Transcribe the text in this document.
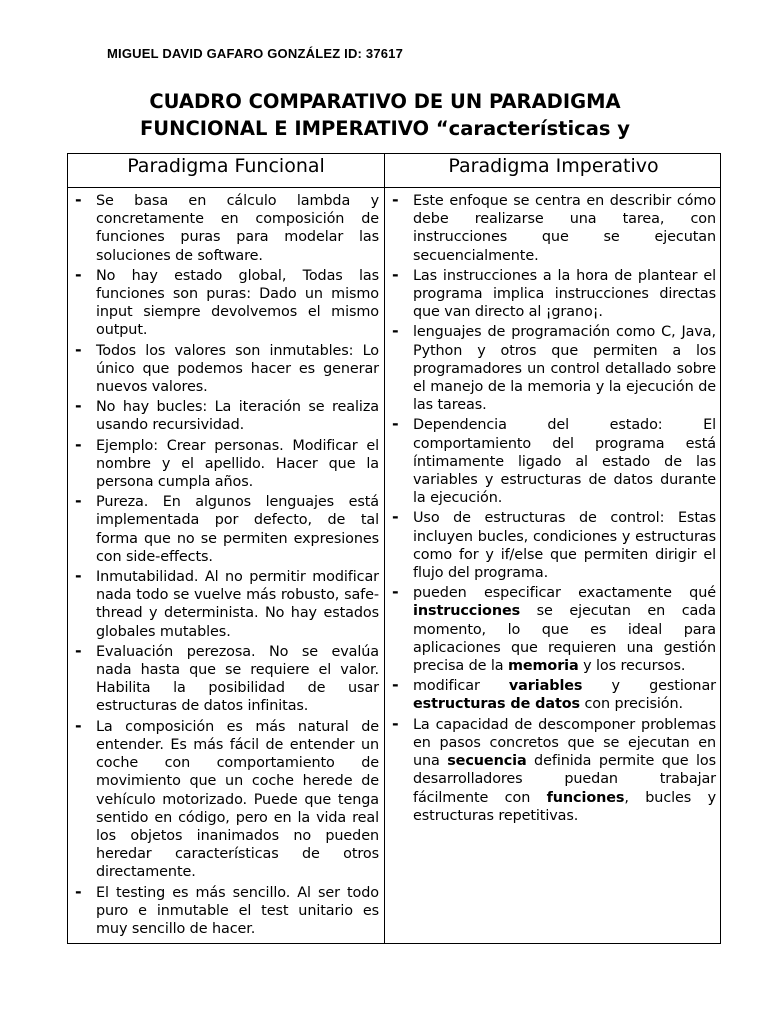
MIGUEL DAVID GAFARO GONZÁLEZ ID: 37617
CUADRO COMPARATIVO DE UN PARADIGMA
FUNCIONAL E IMPERATIVO “características y
Paradigma Funcional	Paradigma Imperativo
- Se basa en cálculo lambda y concretamente en composición de funciones puras para modelar las soluciones de software.
- No hay estado global, Todas las funciones son puras: Dado un mismo input siempre devolvemos el mismo output.
- Todos los valores son inmutables: Lo único que podemos hacer es generar nuevos valores.
- No hay bucles: La iteración se realiza usando recursividad.
- Ejemplo: Crear personas. Modificar el nombre y el apellido. Hacer que la persona cumpla años.
- Pureza. En algunos lenguajes está implementada por defecto, de tal forma que no se permiten expresiones con side-effects.
- Inmutabilidad. Al no permitir modificar nada todo se vuelve más robusto, safe-thread y determinista. No hay estados globales mutables.
- Evaluación perezosa. No se evalúa nada hasta que se requiere el valor. Habilita la posibilidad de usar estructuras de datos infinitas.
- La composición es más natural de entender. Es más fácil de entender un coche con comportamiento de movimiento que un coche herede de vehículo motorizado. Puede que tenga sentido en código, pero en la vida real los objetos inanimados no pueden heredar características de otros directamente.
- El testing es más sencillo. Al ser todo puro e inmutable el test unitario es muy sencillo de hacer.
- Este enfoque se centra en describir cómo debe realizarse una tarea, con instrucciones que se ejecutan secuencialmente.
- Las instrucciones a la hora de plantear el programa implica instrucciones directas que van directo al ¡grano¡.
- lenguajes de programación como C, Java, Python y otros que permiten a los programadores un control detallado sobre el manejo de la memoria y la ejecución de las tareas.
- Dependencia del estado: El comportamiento del programa está íntimamente ligado al estado de las variables y estructuras de datos durante la ejecución.
- Uso de estructuras de control: Estas incluyen bucles, condiciones y estructuras como for y if/else que permiten dirigir el flujo del programa.
- pueden especificar exactamente qué instrucciones se ejecutan en cada momento, lo que es ideal para aplicaciones que requieren una gestión precisa de la memoria y los recursos.
- modificar variables y gestionar estructuras de datos con precisión.
- La capacidad de descomponer problemas en pasos concretos que se ejecutan en una secuencia definida permite que los desarrolladores puedan trabajar fácilmente con funciones, bucles y estructuras repetitivas.
